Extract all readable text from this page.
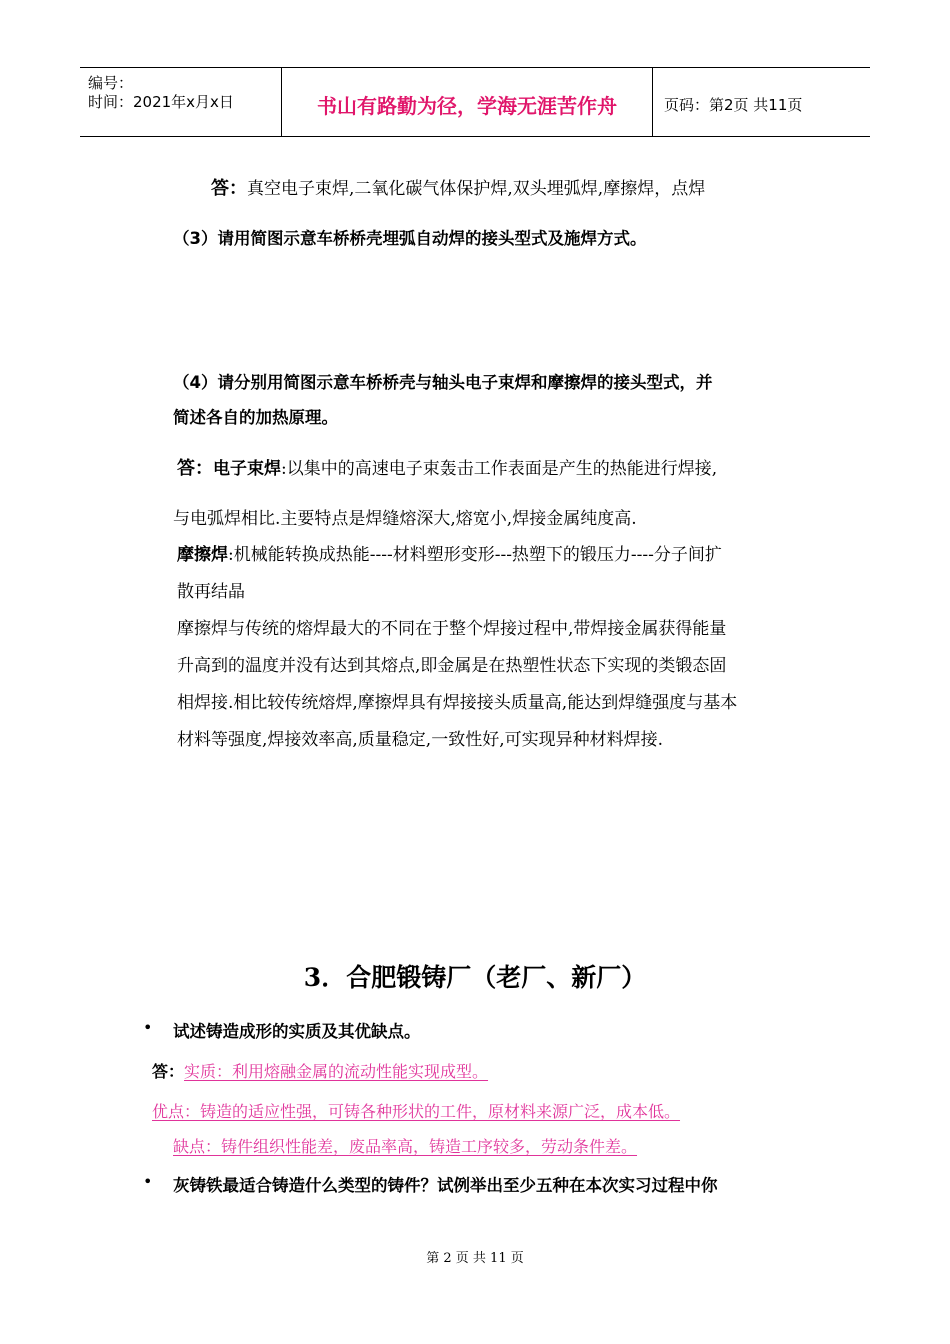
编号：
时间：2021年x月x日	书山有路勤为径，学海无涯苦作舟	页码：第2页 共11页
答：真空电子束焊,二氧化碳气体保护焊,双头埋弧焊,摩擦焊，点焊
（3）请用简图示意车桥桥壳埋弧自动焊的接头型式及施焊方式。
（4）请分别用简图示意车桥桥壳与轴头电子束焊和摩擦焊的接头型式，并
简述各自的加热原理。
答：电子束焊:以集中的高速电子束轰击工作表面是产生的热能进行焊接,
与电弧焊相比.主要特点是焊缝熔深大,熔宽小,焊接金属纯度高.
摩擦焊:机械能转换成热能----材料塑形变形---热塑下的锻压力----分子间扩
散再结晶
摩擦焊与传统的熔焊最大的不同在于整个焊接过程中,带焊接金属获得能量
升高到的温度并没有达到其熔点,即金属是在热塑性状态下实现的类锻态固
相焊接.相比较传统熔焊,摩擦焊具有焊接接头质量高,能达到焊缝强度与基本
材料等强度,焊接效率高,质量稳定,一致性好,可实现异种材料焊接.
3．合肥锻铸厂（老厂、新厂）
• 试述铸造成形的实质及其优缺点。
答：实质：利用熔融金属的流动性能实现成型。
优点：铸造的适应性强，可铸各种形状的工件，原材料来源广泛，成本低。
缺点：铸件组织性能差，废品率高，铸造工序较多，劳动条件差。
• 灰铸铁最适合铸造什么类型的铸件？试例举出至少五种在本次实习过程中你
第 2 页 共 11 页
